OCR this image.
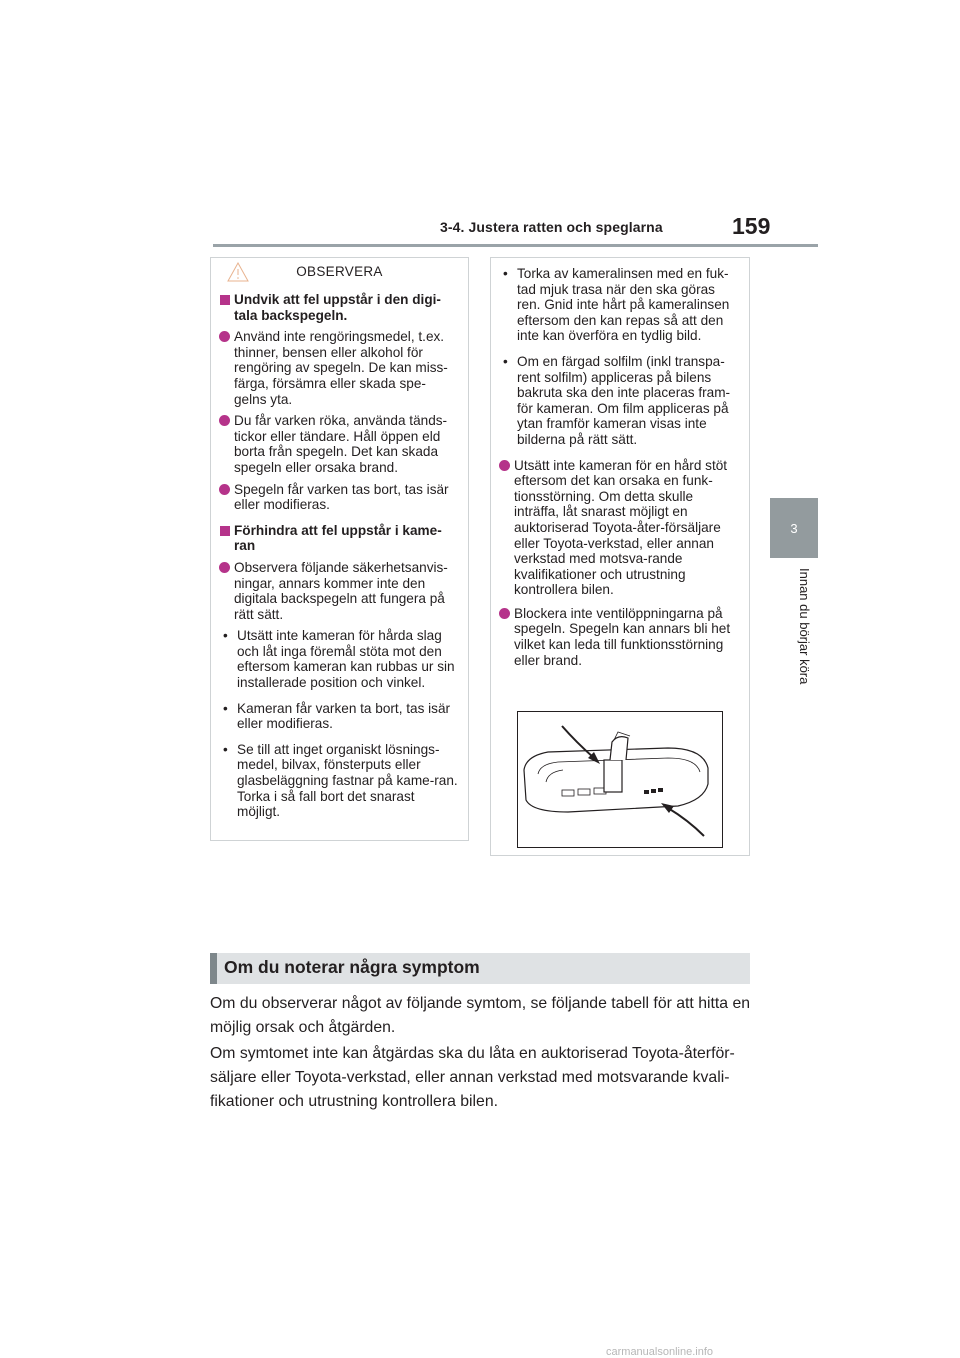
3-4. Justera ratten och speglarna	159
3
Innan du börjar köra
OBSERVERA
Undvik att fel uppstår i den digi-tala backspegeln.
Använd inte rengöringsmedel, t.ex. thinner, bensen eller alkohol för rengöring av spegeln. De kan miss-färga, försämra eller skada spe-gelns yta.
Du får varken röka, använda tänds-tickor eller tändare. Håll öppen eld borta från spegeln. Det kan skada spegeln eller orsaka brand.
Spegeln får varken tas bort, tas isär eller modifieras.
Förhindra att fel uppstår i kame-ran
Observera följande säkerhetsanvis-ningar, annars kommer inte den digitala backspegeln att fungera på rätt sätt.
• Utsätt inte kameran för hårda slag och låt inga föremål stöta mot den eftersom kameran kan rubbas ur sin installerade position och vinkel.
• Kameran får varken ta bort, tas isär eller modifieras.
• Se till att inget organiskt lösnings-medel, bilvax, fönsterputs eller glasbeläggning fastnar på kame-ran. Torka i så fall bort det snarast möjligt.
• Torka av kameralinsen med en fuk-tad mjuk trasa när den ska göras ren. Gnid inte hårt på kameralinsen eftersom den kan repas så att den inte kan överföra en tydlig bild.
• Om en färgad solfilm (inkl transpa-rent solfilm) appliceras på bilens bakruta ska den inte placeras fram-för kameran. Om film appliceras på ytan framför kameran visas inte bilderna på rätt sätt.
Utsätt inte kameran för en hård stöt eftersom det kan orsaka en funk-tionsstörning. Om detta skulle inträffa, låt snarast möjligt en auktoriserad Toyota-åter-försäljare eller Toyota-verkstad, eller annan verkstad med motsva-rande kvalifikationer och utrustning kontrollera bilen.
Blockera inte ventilöppningarna på spegeln. Spegeln kan annars bli het vilket kan leda till funktionsstörning eller brand.
Om du noterar några symptom

Om du observerar något av följande symtom, se följande tabell för att hitta en möjlig orsak och åtgärden.

Om symtomet inte kan åtgärdas ska du låta en auktoriserad Toyota-återför-säljare eller Toyota-verkstad, eller annan verkstad med motsvarande kvali-fikationer och utrustning kontrollera bilen.

carmanualsonline.info
